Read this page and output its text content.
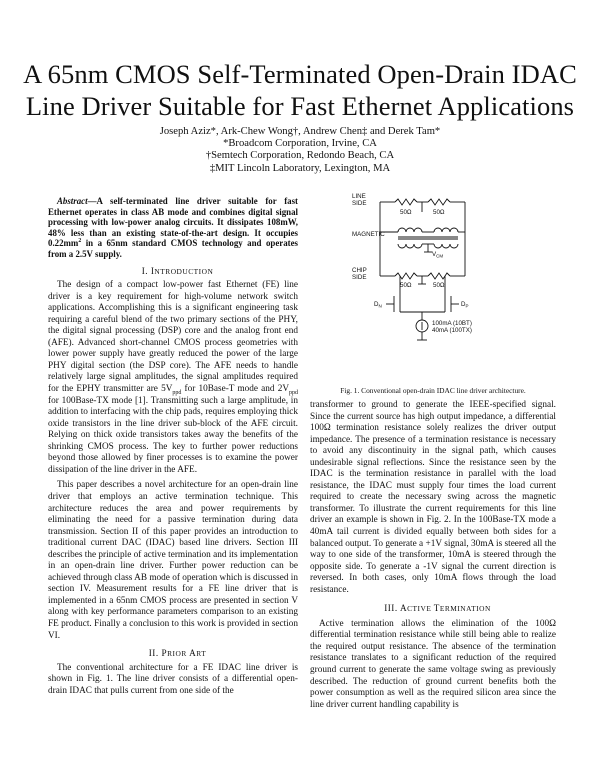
A 65nm CMOS Self-Terminated Open-Drain IDAC
Line Driver Suitable for Fast Ethernet Applications
Joseph Aziz*, Ark-Chew Wong†, Andrew Chen‡ and Derek Tam*
*Broadcom Corporation, Irvine, CA
†Semtech Corporation, Redondo Beach, CA
‡MIT Lincoln Laboratory, Lexington, MA

Abstract—A self-terminated line driver suitable for fast Ethernet operates in class AB mode and combines digital signal processing with low-power analog circuits. It dissipates 108mW, 48% less than an existing state-of-the-art design. It occupies $0.22mm^2$ in a 65nm standard CMOS technology and operates from a 2.5V supply.

I. INTRODUCTION

The design of a compact low-power fast Ethernet (FE) line driver is a key requirement for high-volume network switch applications. Accomplishing this is a significant engineering task requiring a careful blend of the two primary sections of the PHY, the digital signal processing (DSP) core and the analog front end (AFE). Advanced short-channel CMOS process geometries with lower power supply have greatly reduced the power of the large PHY digital section (the DSP core). The AFE needs to handle relatively large signal amplitudes, the signal amplitudes required for the EPHY transmitter are $5V_{ppd}$ for 10Base-T mode and $2V_{ppd}$ for 100Base-TX mode [1]. Transmitting such a large amplitude, in addition to interfacing with the chip pads, requires employing thick oxide transistors in the line driver sub-block of the AFE circuit. Relying on thick oxide transistors takes away the benefits of the shrinking CMOS process. The key to further power reductions beyond those allowed by finer processes is to examine the power dissipation of the line driver in the AFE.

This paper describes a novel architecture for an open-drain line driver that employs an active termination technique. This architecture reduces the area and power requirements by eliminating the need for a passive termination during data transmission. Section II of this paper provides an introduction to traditional current DAC (IDAC) based line drivers. Section III describes the principle of active termination and its implementation in an open-drain line driver. Further power reduction can be achieved through class AB mode of operation which is discussed in section IV. Measurement results for a FE line driver that is implemented in a 65nm CMOS process are presented in section V along with key performance parameters comparison to an existing FE product. Finally a conclusion to this work is provided in section VI.

II. PRIOR ART

The conventional architecture for a FE IDAC line driver is shown in Fig. 1. The line driver consists of a differential open-drain IDAC that pulls current from one side of the

LINE
SIDE
MAGNETIC
CHIP
SIDE
50Ω	50Ω
50Ω	50Ω
$V_{CM}$
$D_N$	$D_P$
100mA (10BT)
40mA (100TX)
Fig. 1. Conventional open-drain IDAC line driver architecture.

transformer to ground to generate the IEEE-specified signal. Since the current source has high output impedance, a differential 100Ω termination resistance solely realizes the driver output impedance. The presence of a termination resistance is necessary to avoid any discontinuity in the signal path, which causes undesirable signal reflections. Since the resistance seen by the IDAC is the termination resistance in parallel with the load resistance, the IDAC must supply four times the load current required to create the necessary swing across the magnetic transformer. To illustrate the current requirements for this line driver an example is shown in Fig. 2. In the 100Base-TX mode a 40mA tail current is divided equally between both sides for a balanced output. To generate a +1V signal, 30mA is steered all the way to one side of the transformer, 10mA is steered through the opposite side. To generate a -1V signal the current direction is reversed. In both cases, only 10mA flows through the load resistance.

III. ACTIVE TERMINATION

Active termination allows the elimination of the 100Ω differential termination resistance while still being able to realize the required output resistance. The absence of the termination resistance translates to a significant reduction of the required ground current to generate the same voltage swing as previously described. The reduction of ground current benefits both the power consumption as well as the required silicon area since the line driver current handling capability is
